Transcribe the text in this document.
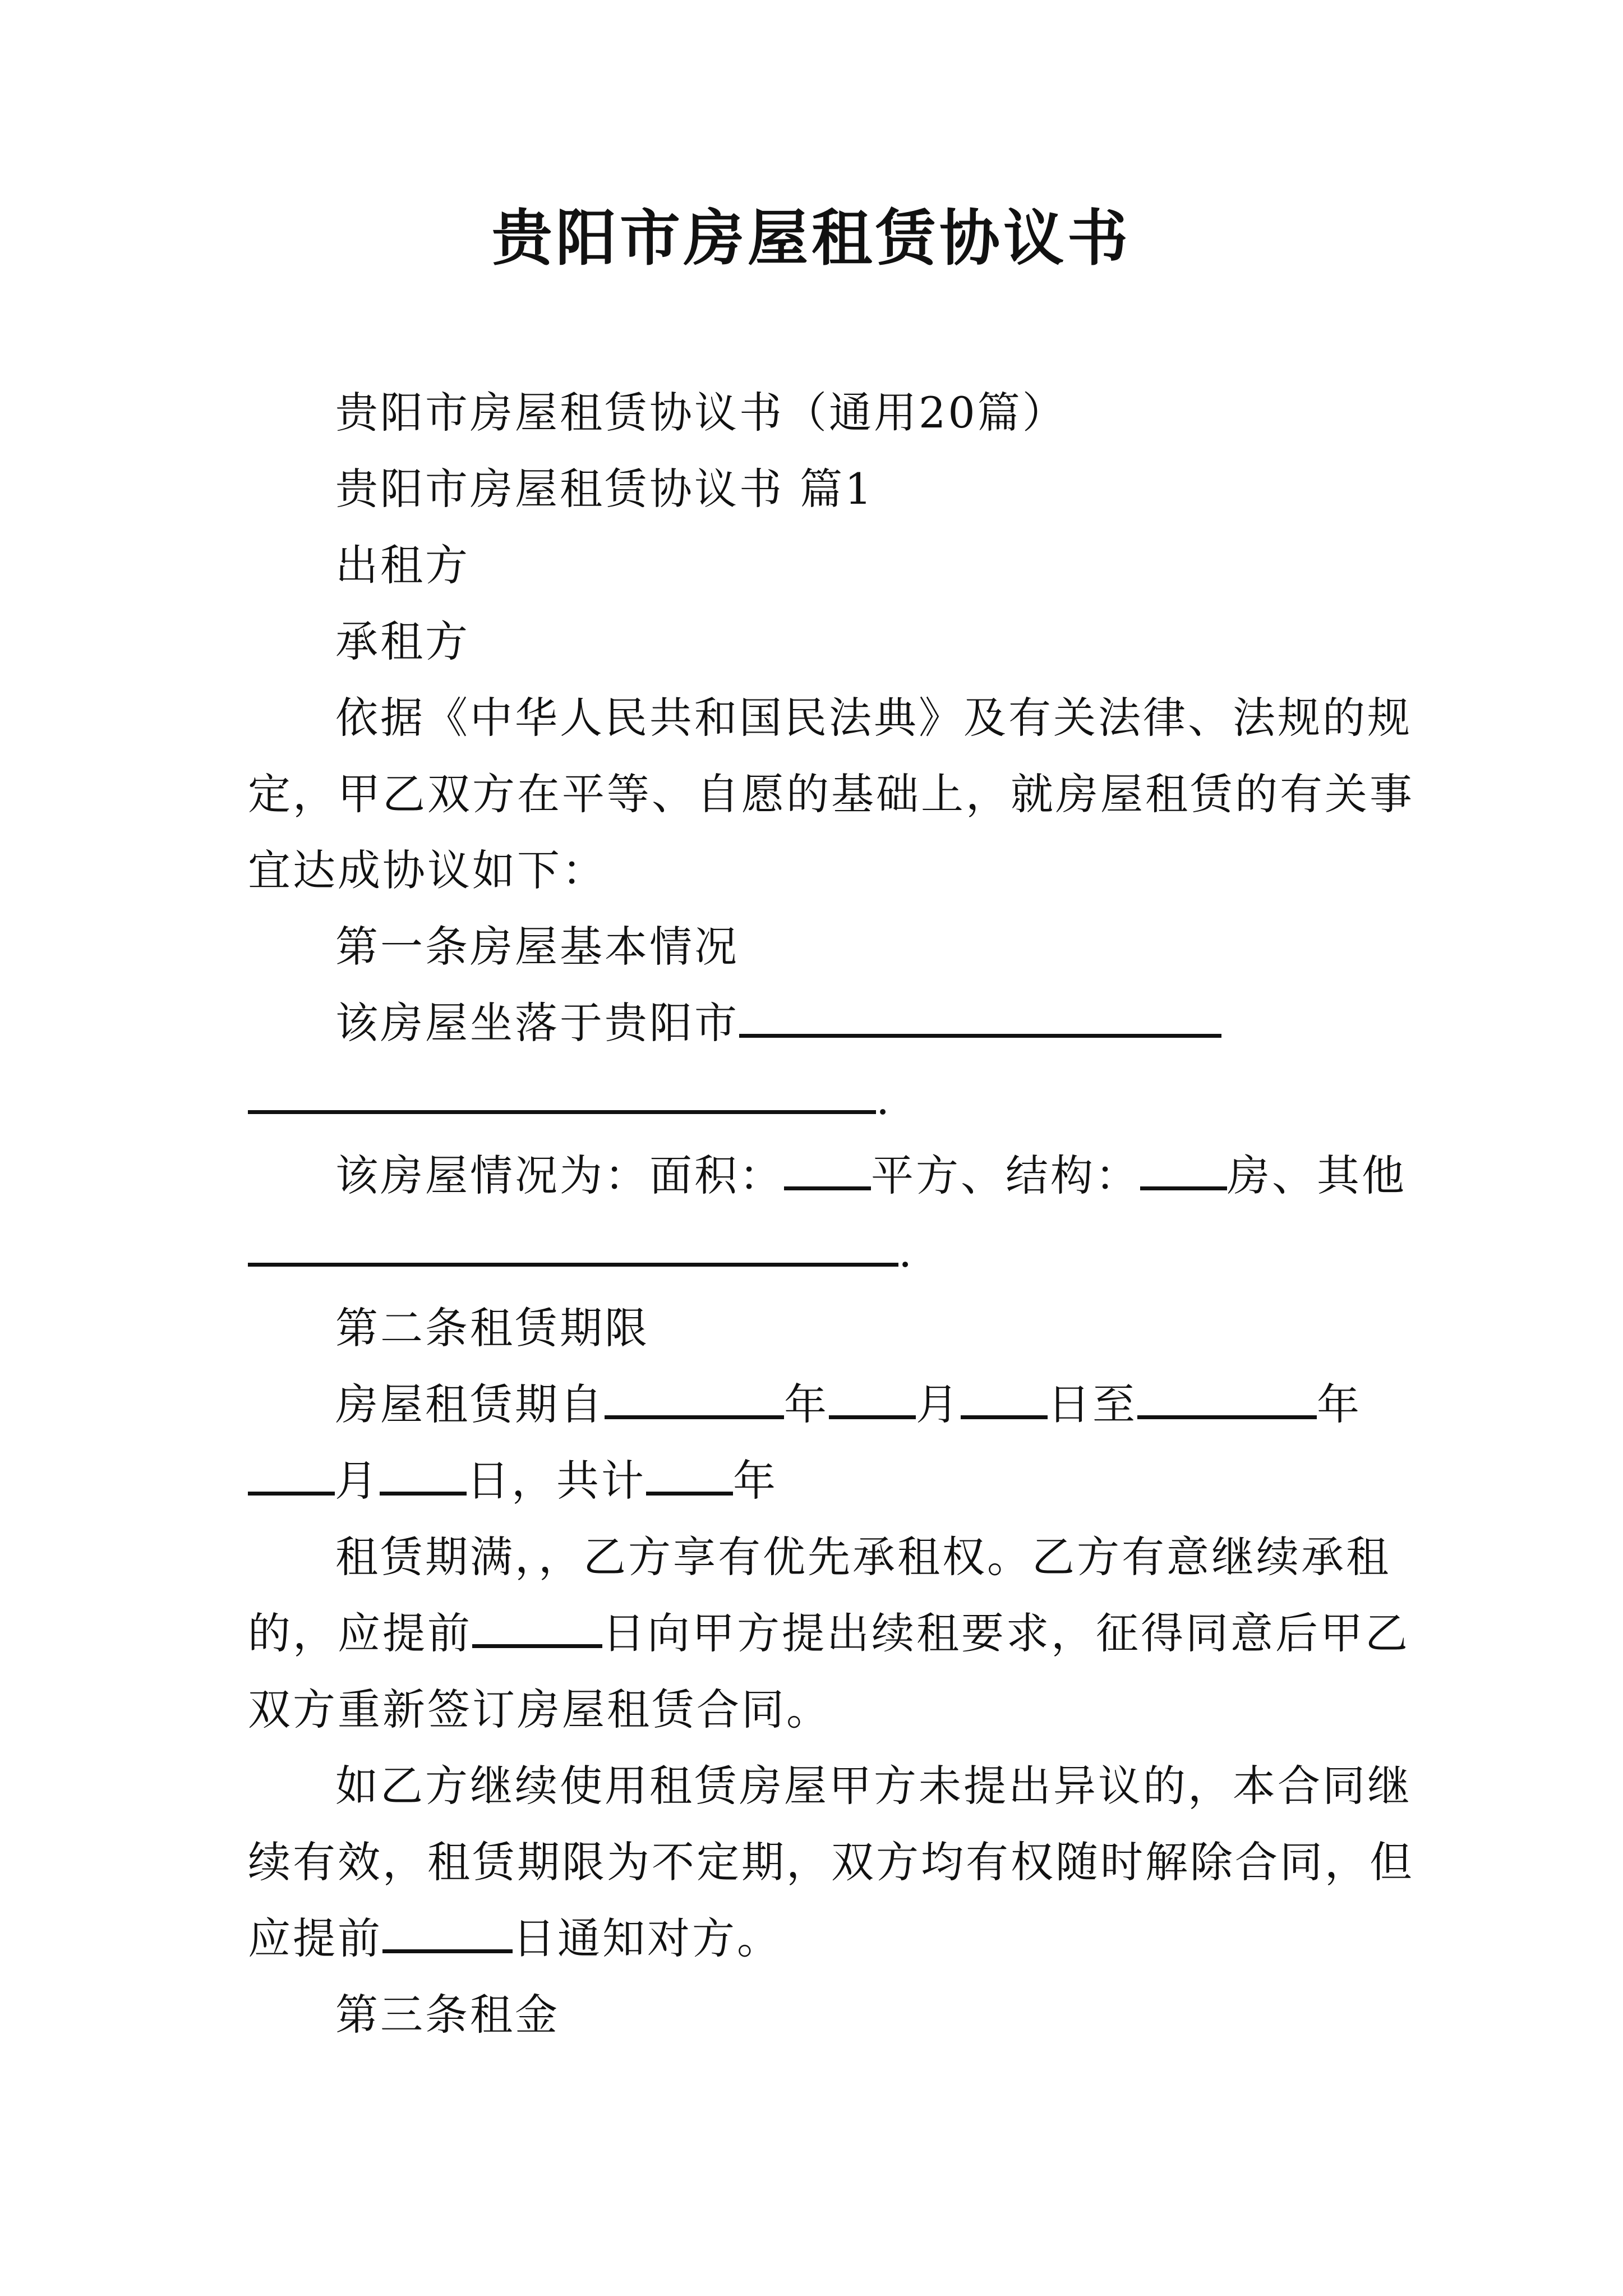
贵阳市房屋租赁协议书
贵阳市房屋租赁协议书（通用20篇）
贵阳市房屋租赁协议书 篇1
出租方
承租方
依据《中华人民共和国民法典》及有关法律、法规的规
定，甲乙双方在平等、自愿的基础上，就房屋租赁的有关事
宜达成协议如下：
第一条房屋基本情况
该房屋坐落于贵阳市
.
该房屋情况为：面积： 平方、结构： 房、其他
.
第二条租赁期限
房屋租赁期自	年 月 日至	年
月 日，共计 年
租赁期满，，乙方享有优先承租权。乙方有意继续承租
的，应提前	日向甲方提出续租要求，征得同意后甲乙
双方重新签订房屋租赁合同。
如乙方继续使用租赁房屋甲方未提出异议的，本合同继
续有效，租赁期限为不定期，双方均有权随时解除合同，但
应提前	日通知对方。
第三条租金
